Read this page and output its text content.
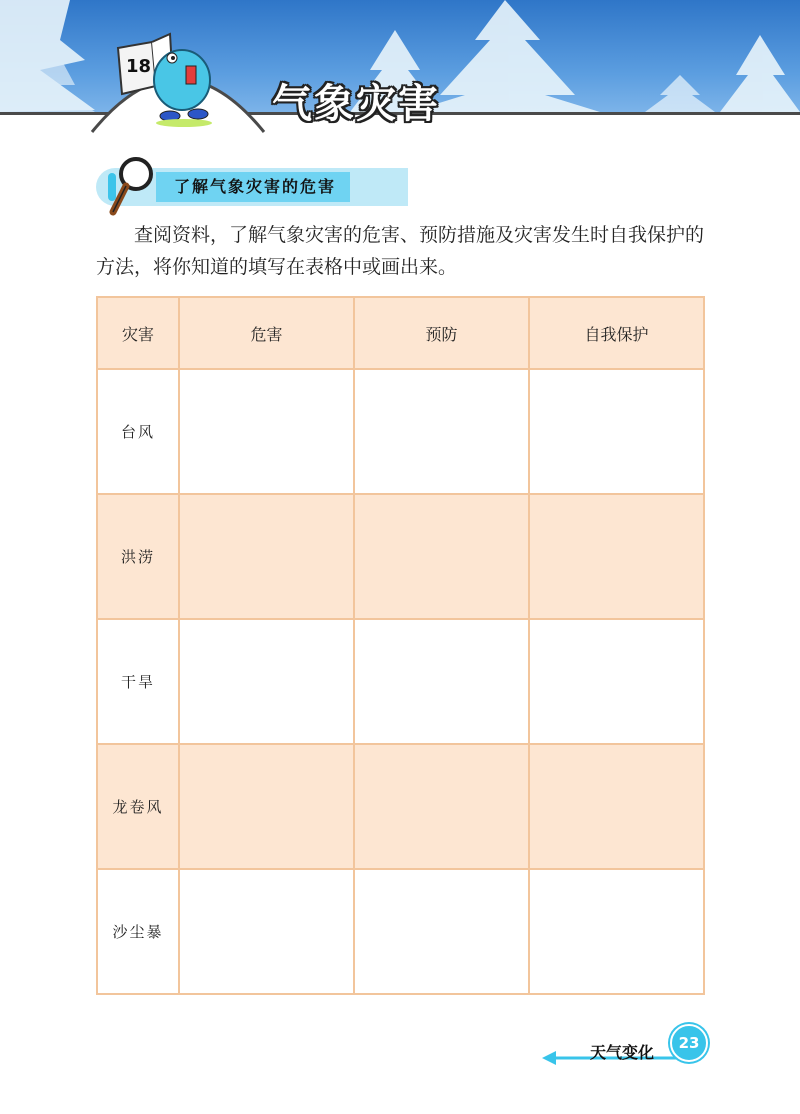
18
气象灾害
了解气象灾害的危害

查阅资料，了解气象灾害的危害、预防措施及灾害发生时自我保护的方法，将你知道的填写在表格中或画出来。

灾害	危害	预防	自我保护
台风			
洪涝			
干旱			
龙卷风			
沙尘暴			
天气变化	23
